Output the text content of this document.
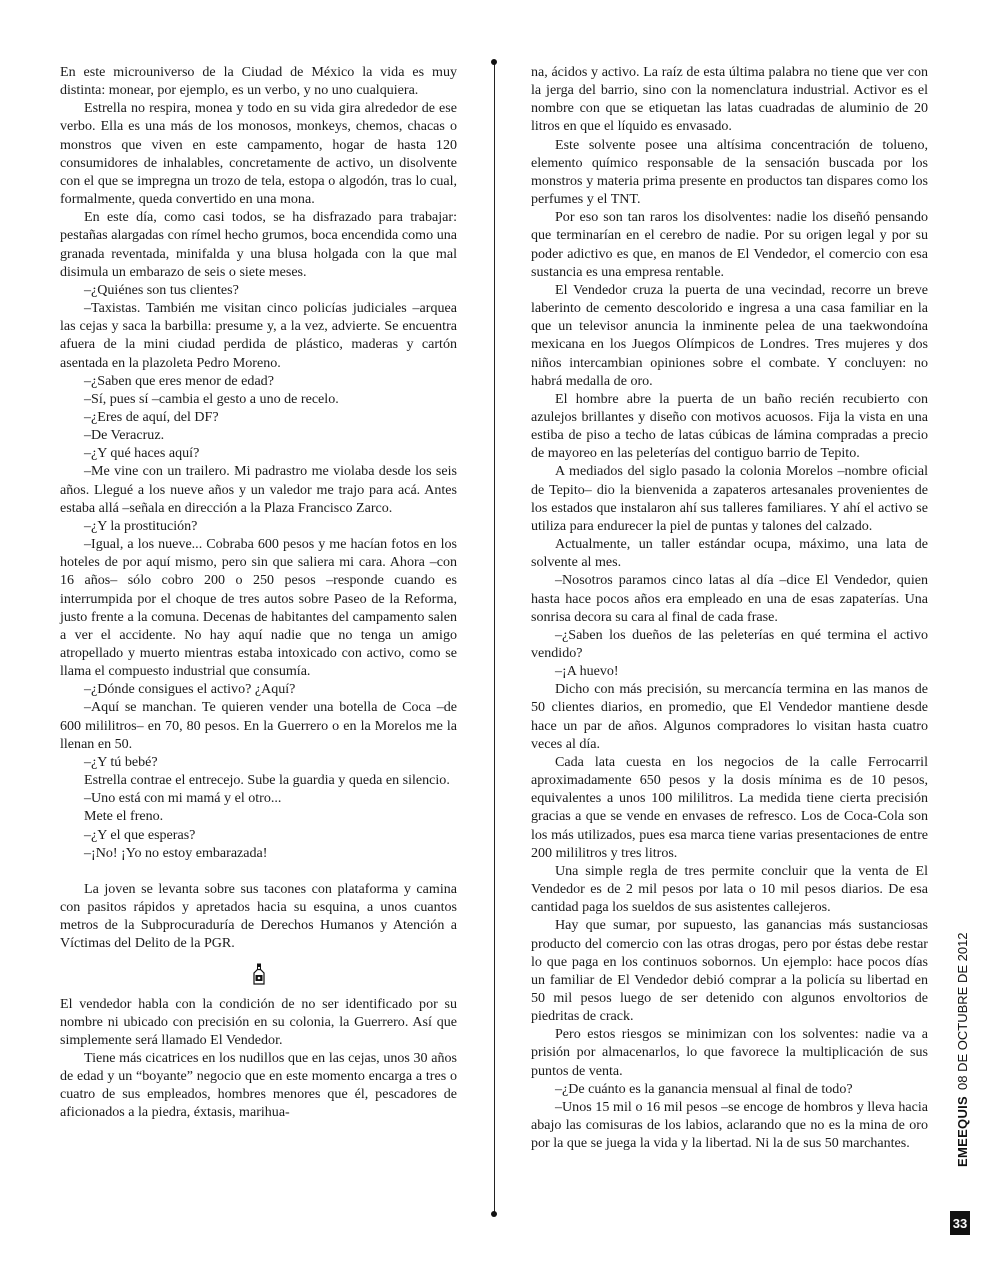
En este microuniverso de la Ciudad de México la vida es muy distinta: monear, por ejemplo, es un verbo, y no uno cualquiera.

Estrella no respira, monea y todo en su vida gira alrededor de ese verbo. Ella es una más de los monosos, monkeys, chemos, chacas o monstros que viven en este campamento, hogar de hasta 120 consumidores de inhalables, concretamente de activo, un disolvente con el que se impregna un trozo de tela, estopa o algodón, tras lo cual, formalmente, queda convertido en una mona.

En este día, como casi todos, se ha disfrazado para trabajar: pestañas alargadas con rímel hecho grumos, boca encendida como una granada reventada, minifalda y una blusa holgada con la que mal disimula un embarazo de seis o siete meses.

–¿Quiénes son tus clientes?

–Taxistas. También me visitan cinco policías judiciales –arquea las cejas y saca la barbilla: presume y, a la vez, advierte. Se encuentra afuera de la mini ciudad perdida de plástico, maderas y cartón asentada en la plazoleta Pedro Moreno.

–¿Saben que eres menor de edad?

–Sí, pues sí –cambia el gesto a uno de recelo.

–¿Eres de aquí, del DF?

–De Veracruz.

–¿Y qué haces aquí?

–Me vine con un trailero. Mi padrastro me violaba desde los seis años. Llegué a los nueve años y un valedor me trajo para acá. Antes estaba allá –señala en dirección a la Plaza Francisco Zarco.

–¿Y la prostitución?

–Igual, a los nueve... Cobraba 600 pesos y me hacían fotos en los hoteles de por aquí mismo, pero sin que saliera mi cara. Ahora –con 16 años– sólo cobro 200 o 250 pesos –responde cuando es interrumpida por el choque de tres autos sobre Paseo de la Reforma, justo frente a la comuna. Decenas de habitantes del campamento salen a ver el accidente. No hay aquí nadie que no tenga un amigo atropellado y muerto mientras estaba intoxicado con activo, como se llama el compuesto industrial que consumía.

–¿Dónde consigues el activo? ¿Aquí?

–Aquí se manchan. Te quieren vender una botella de Coca –de 600 mililitros– en 70, 80 pesos. En la Guerrero o en la Morelos me la llenan en 50.

–¿Y tú bebé?

Estrella contrae el entrecejo. Sube la guardia y queda en silencio.

–Uno está con mi mamá y el otro...

Mete el freno.

–¿Y el que esperas?

–¡No! ¡Yo no estoy embarazada!

La joven se levanta sobre sus tacones con plataforma y camina con pasitos rápidos y apretados hacia su esquina, a unos cuantos metros de la Subprocuraduría de Derechos Humanos y Atención a Víctimas del Delito de la PGR.

El vendedor habla con la condición de no ser identificado por su nombre ni ubicado con precisión en su colonia, la Guerrero. Así que simplemente será llamado El Vendedor.

Tiene más cicatrices en los nudillos que en las cejas, unos 30 años de edad y un “boyante” negocio que en este momento encarga a tres o cuatro de sus empleados, hombres menores que él, pescadores de aficionados a la piedra, éxtasis, marihua-

na, ácidos y activo. La raíz de esta última palabra no tiene que ver con la jerga del barrio, sino con la nomenclatura industrial. Activor es el nombre con que se etiquetan las latas cuadradas de aluminio de 20 litros en que el líquido es envasado.

Este solvente posee una altísima concentración de tolueno, elemento químico responsable de la sensación buscada por los monstros y materia prima presente en productos tan dispares como los perfumes y el TNT.

Por eso son tan raros los disolventes: nadie los diseñó pensando que terminarían en el cerebro de nadie. Por su origen legal y por su poder adictivo es que, en manos de El Vendedor, el comercio con esa sustancia es una empresa rentable.

El Vendedor cruza la puerta de una vecindad, recorre un breve laberinto de cemento descolorido e ingresa a una casa familiar en la que un televisor anuncia la inminente pelea de una taekwondoína mexicana en los Juegos Olímpicos de Londres. Tres mujeres y dos niños intercambian opiniones sobre el combate. Y concluyen: no habrá medalla de oro.

El hombre abre la puerta de un baño recién recubierto con azulejos brillantes y diseño con motivos acuosos. Fija la vista en una estiba de piso a techo de latas cúbicas de lámina compradas a precio de mayoreo en las peleterías del contiguo barrio de Tepito.

A mediados del siglo pasado la colonia Morelos –nombre oficial de Tepito– dio la bienvenida a zapateros artesanales provenientes de los estados que instalaron ahí sus talleres familiares. Y ahí el activo se utiliza para endurecer la piel de puntas y talones del calzado.

Actualmente, un taller estándar ocupa, máximo, una lata de solvente al mes.

–Nosotros paramos cinco latas al día –dice El Vendedor, quien hasta hace pocos años era empleado en una de esas zapaterías. Una sonrisa decora su cara al final de cada frase.

–¿Saben los dueños de las peleterías en qué termina el activo vendido?

–¡A huevo!

Dicho con más precisión, su mercancía termina en las manos de 50 clientes diarios, en promedio, que El Vendedor mantiene desde hace un par de años. Algunos compradores lo visitan hasta cuatro veces al día.

Cada lata cuesta en los negocios de la calle Ferrocarril aproximadamente 650 pesos y la dosis mínima es de 10 pesos, equivalentes a unos 100 mililitros. La medida tiene cierta precisión gracias a que se vende en envases de refresco. Los de Coca-Cola son los más utilizados, pues esa marca tiene varias presentaciones de entre 200 mililitros y tres litros.

Una simple regla de tres permite concluir que la venta de El Vendedor es de 2 mil pesos por lata o 10 mil pesos diarios. De esa cantidad paga los sueldos de sus asistentes callejeros.

Hay que sumar, por supuesto, las ganancias más sustanciosas producto del comercio con las otras drogas, pero por éstas debe restar lo que paga en los continuos sobornos. Un ejemplo: hace pocos días un familiar de El Vendedor debió comprar a la policía su libertad en 50 mil pesos luego de ser detenido con algunos envoltorios de piedritas de crack.

Pero estos riesgos se minimizan con los solventes: nadie va a prisión por almacenarlos, lo que favorece la multiplicación de sus puntos de venta.

–¿De cuánto es la ganancia mensual al final de todo?

–Unos 15 mil o 16 mil pesos –se encoge de hombros y lleva hacia abajo las comisuras de los labios, aclarando que no es la mina de oro por la que se juega la vida y la libertad. Ni la de sus 50 marchantes.	EMEEQUIS
08 DE OCTUBRE DE 2012
33
